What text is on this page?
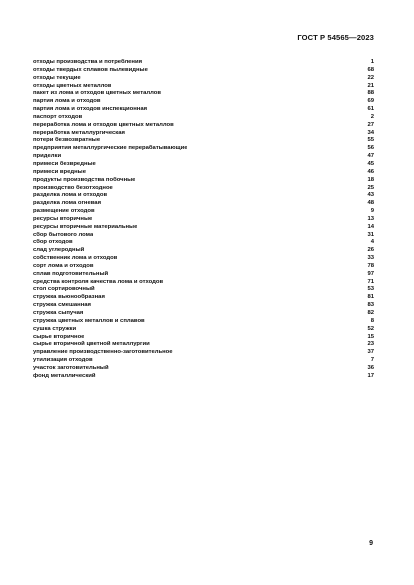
ГОСТ Р 54565—2023
отходы производства и потребления	1
отходы твердых сплавов пылевидные	68
отходы текущие	22
отходы цветных металлов	21
пакет из лома и отходов цветных металлов	88
партия лома и отходов	69
партия лома и отходов инспекционная	61
паспорт отходов	2
переработка лома и отходов цветных металлов	27
переработка металлургическая	34
потери безвозвратные	55
предприятия металлургические перерабатывающие	56
приделки	47
примеси безвредные	45
примеси вредные	46
продукты производства побочные	18
производство безотходное	25
разделка лома и отходов	43
разделка лома огневая	48
размещение отходов	9
ресурсы вторичные	13
ресурсы вторичные материальные	14
сбор бытового лома	31
сбор отходов	4
слад углеродный	26
собственник лома и отходов	33
сорт лома и отходов	78
сплав подготовительный	97
средства контроля качества лома и отходов	71
стол сортировочный	53
стружка вьюнообразная	81
стружка смешанная	83
стружка сыпучая	82
стружка цветных металлов и сплавов	8
сушка стружки	52
сырье вторичное	15
сырье вторичной цветной металлургии	23
управление производственно-заготовительное	37
утилизация отходов	7
участок заготовительный	36
фонд металлический	17
9
